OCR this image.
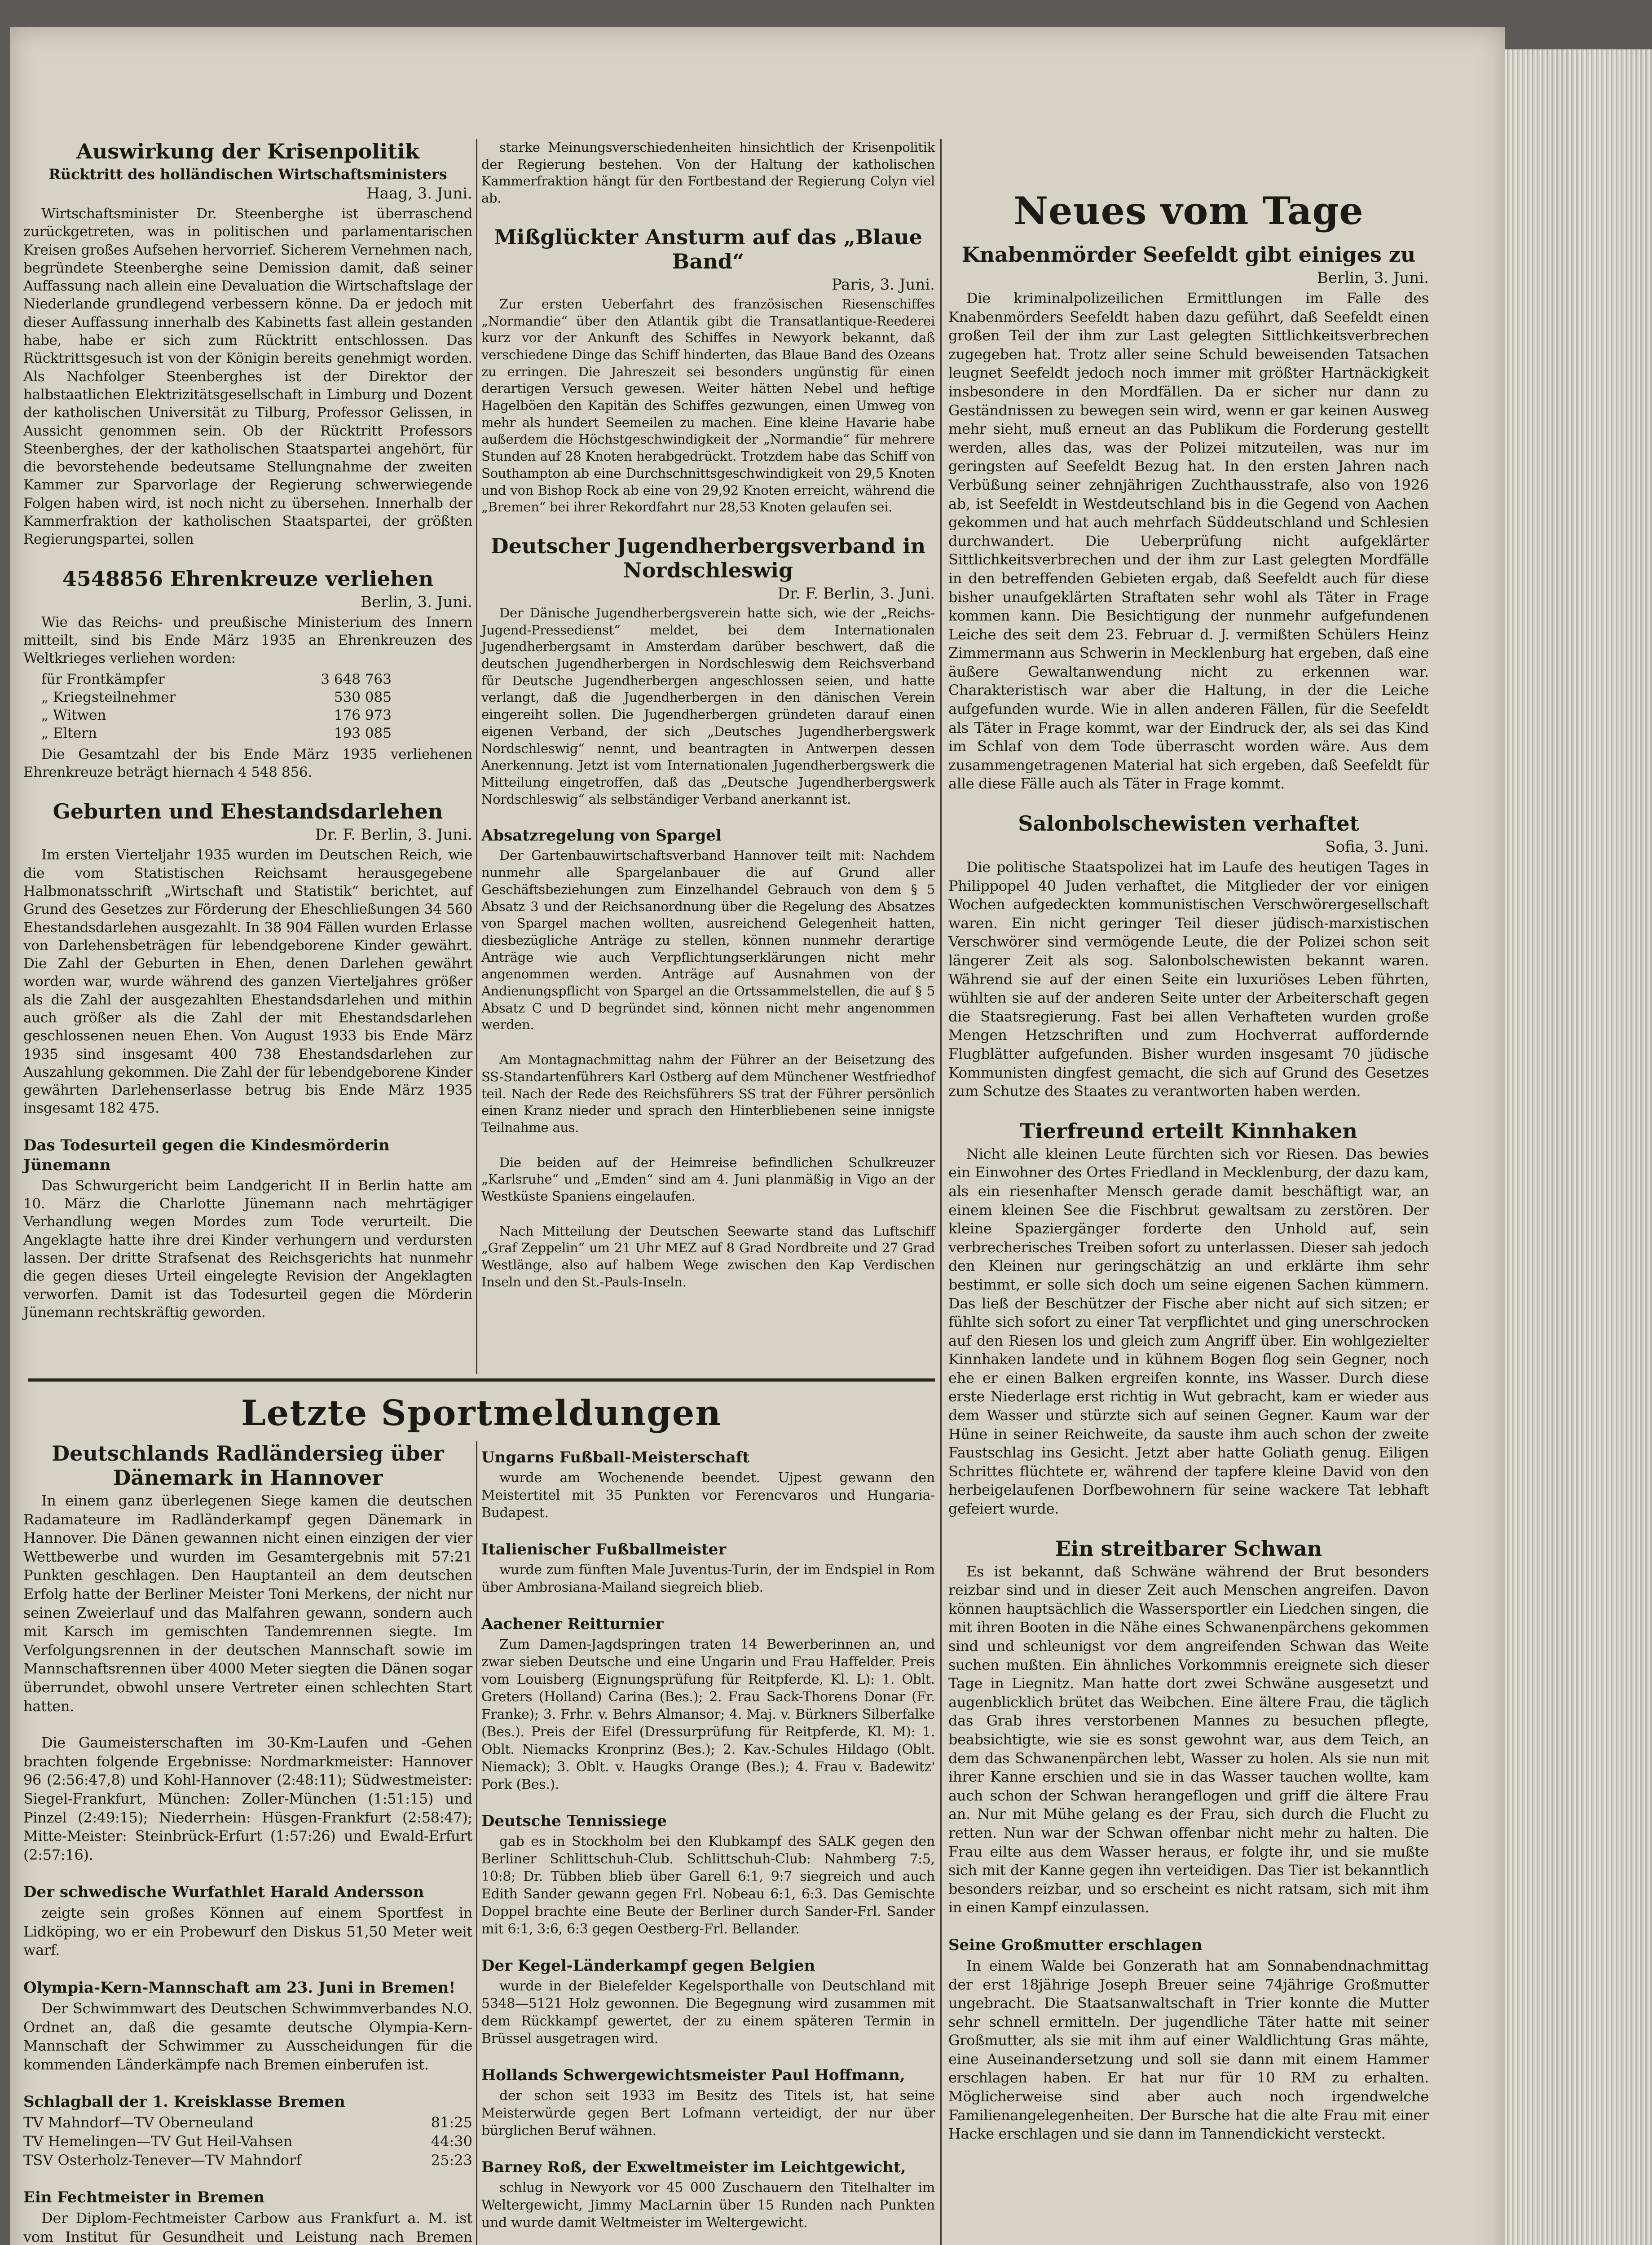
Auswirkung der Krisenpolitik
Rücktritt des holländischen Wirtschaftsministers
Haag, 3. Juni.

Wirtschaftsminister Dr. Steenberghe ist überraschend zurückgetreten, was in politischen und parlamentarischen Kreisen großes Aufsehen hervorrief. Sicherem Vernehmen nach, begründete Steenberghe seine Demission damit, daß seiner Auffassung nach allein eine Devaluation die Wirtschaftslage der Niederlande grundlegend verbessern könne. Da er jedoch mit dieser Auffassung innerhalb des Kabinetts fast allein gestanden habe, habe er sich zum Rücktritt entschlossen. Das Rücktrittsgesuch ist von der Königin bereits genehmigt worden. Als Nachfolger Steenberghes ist der Direktor der halbstaatlichen Elektrizitätsgesellschaft in Limburg und Dozent der katholischen Universität zu Tilburg, Professor Gelissen, in Aussicht genommen sein. Ob der Rücktritt Professors Steenberghes, der der katholischen Staatspartei angehört, für die bevorstehende bedeutsame Stellungnahme der zweiten Kammer zur Sparvorlage der Regierung schwerwiegende Folgen haben wird, ist noch nicht zu übersehen. Innerhalb der Kammerfraktion der katholischen Staatspartei, der größten Regierungspartei, sollen

4548856 Ehrenkreuze verliehen
Berlin, 3. Juni.

Wie das Reichs- und preußische Ministerium des Innern mitteilt, sind bis Ende März 1935 an Ehrenkreuzen des Weltkrieges verliehen worden:

für Frontkämpfer	3 648 763
„ Kriegsteilnehmer	530 085
„ Witwen	176 973
„ Eltern	193 085

Die Gesamtzahl der bis Ende März 1935 verliehenen Ehrenkreuze beträgt hiernach 4 548 856.

Geburten und Ehestandsdarlehen
Dr. F. Berlin, 3. Juni.

Im ersten Vierteljahr 1935 wurden im Deutschen Reich, wie die vom Statistischen Reichsamt herausgegebene Halbmonatsschrift „Wirtschaft und Statistik“ berichtet, auf Grund des Gesetzes zur Förderung der Eheschließungen 34 560 Ehestandsdarlehen ausgezahlt. In 38 904 Fällen wurden Erlasse von Darlehensbeträgen für lebendgeborene Kinder gewährt. Die Zahl der Geburten in Ehen, denen Darlehen gewährt worden war, wurde während des ganzen Vierteljahres größer als die Zahl der ausgezahlten Ehestandsdarlehen und mithin auch größer als die Zahl der mit Ehestandsdarlehen geschlossenen neuen Ehen. Von August 1933 bis Ende März 1935 sind insgesamt 400 738 Ehestandsdarlehen zur Auszahlung gekommen. Die Zahl der für lebendgeborene Kinder gewährten Darlehenserlasse betrug bis Ende März 1935 insgesamt 182 475.

Das Todesurteil gegen die Kindesmörderin Jünemann

Das Schwurgericht beim Landgericht II in Berlin hatte am 10. März die Charlotte Jünemann nach mehrtägiger Verhandlung wegen Mordes zum Tode verurteilt. Die Angeklagte hatte ihre drei Kinder verhungern und verdursten lassen. Der dritte Strafsenat des Reichsgerichts hat nunmehr die gegen dieses Urteil eingelegte Revision der Angeklagten verworfen. Damit ist das Todesurteil gegen die Mörderin Jünemann rechtskräftig geworden.

starke Meinungsverschiedenheiten hinsichtlich der Krisenpolitik der Regierung bestehen. Von der Haltung der katholischen Kammerfraktion hängt für den Fortbestand der Regierung Colyn viel ab.

Mißglückter Ansturm auf das „Blaue Band“
Paris, 3. Juni.

Zur ersten Ueberfahrt des französischen Riesenschiffes „Normandie“ über den Atlantik gibt die Transatlantique-Reederei kurz vor der Ankunft des Schiffes in Newyork bekannt, daß verschiedene Dinge das Schiff hinderten, das Blaue Band des Ozeans zu erringen. Die Jahreszeit sei besonders ungünstig für einen derartigen Versuch gewesen. Weiter hätten Nebel und heftige Hagelböen den Kapitän des Schiffes gezwungen, einen Umweg von mehr als hundert Seemeilen zu machen. Eine kleine Havarie habe außerdem die Höchstgeschwindigkeit der „Normandie“ für mehrere Stunden auf 28 Knoten herabgedrückt. Trotzdem habe das Schiff von Southampton ab eine Durchschnittsgeschwindigkeit von 29,5 Knoten und von Bishop Rock ab eine von 29,92 Knoten erreicht, während die „Bremen“ bei ihrer Rekordfahrt nur 28,53 Knoten gelaufen sei.

Deutscher Jugendherbergsverband in Nordschleswig
Dr. F. Berlin, 3. Juni.

Der Dänische Jugendherbergsverein hatte sich, wie der „Reichs-Jugend-Pressedienst“ meldet, bei dem Internationalen Jugendherbergsamt in Amsterdam darüber beschwert, daß die deutschen Jugendherbergen in Nordschleswig dem Reichsverband für Deutsche Jugendherbergen angeschlossen seien, und hatte verlangt, daß die Jugendherbergen in den dänischen Verein eingereiht sollen. Die Jugendherbergen gründeten darauf einen eigenen Verband, der sich „Deutsches Jugendherbergswerk Nordschleswig“ nennt, und beantragten in Antwerpen dessen Anerkennung. Jetzt ist vom Internationalen Jugendherbergswerk die Mitteilung eingetroffen, daß das „Deutsche Jugendherbergswerk Nordschleswig“ als selbständiger Verband anerkannt ist.

Absatzregelung von Spargel

Der Gartenbauwirtschaftsverband Hannover teilt mit: Nachdem nunmehr alle Spargelanbauer die auf Grund aller Geschäftsbeziehungen zum Einzelhandel Gebrauch von dem § 5 Absatz 3 und der Reichsanordnung über die Regelung des Absatzes von Spargel machen wollten, ausreichend Gelegenheit hatten, diesbezügliche Anträge zu stellen, können nunmehr derartige Anträge wie auch Verpflichtungserklärungen nicht mehr angenommen werden. Anträge auf Ausnahmen von der Andienungspflicht von Spargel an die Ortssammelstellen, die auf § 5 Absatz C und D begründet sind, können nicht mehr angenommen werden.

Am Montagnachmittag nahm der Führer an der Beisetzung des SS-Standartenführers Karl Ostberg auf dem Münchener Westfriedhof teil. Nach der Rede des Reichsführers SS trat der Führer persönlich einen Kranz nieder und sprach den Hinterbliebenen seine innigste Teilnahme aus.

Die beiden auf der Heimreise befindlichen Schulkreuzer „Karlsruhe“ und „Emden“ sind am 4. Juni planmäßig in Vigo an der Westküste Spaniens eingelaufen.

Nach Mitteilung der Deutschen Seewarte stand das Luftschiff „Graf Zeppelin“ um 21 Uhr MEZ auf 8 Grad Nordbreite und 27 Grad Westlänge, also auf halbem Wege zwischen den Kap Verdischen Inseln und den St.-Pauls-Inseln.

Neues vom Tage
Knabenmörder Seefeldt gibt einiges zu
Berlin, 3. Juni.

Die kriminalpolizeilichen Ermittlungen im Falle des Knabenmörders Seefeldt haben dazu geführt, daß Seefeldt einen großen Teil der ihm zur Last gelegten Sittlichkeitsverbrechen zugegeben hat. Trotz aller seine Schuld beweisenden Tatsachen leugnet Seefeldt jedoch noch immer mit größter Hartnäckigkeit insbesondere in den Mordfällen. Da er sicher nur dann zu Geständnissen zu bewegen sein wird, wenn er gar keinen Ausweg mehr sieht, muß erneut an das Publikum die Forderung gestellt werden, alles das, was der Polizei mitzuteilen, was nur im geringsten auf Seefeldt Bezug hat. In den ersten Jahren nach Verbüßung seiner zehnjährigen Zuchthausstrafe, also von 1926 ab, ist Seefeldt in Westdeutschland bis in die Gegend von Aachen gekommen und hat auch mehrfach Süddeutschland und Schlesien durchwandert. Die Ueberprüfung nicht aufgeklärter Sittlichkeitsverbrechen und der ihm zur Last gelegten Mordfälle in den betreffenden Gebieten ergab, daß Seefeldt auch für diese bisher unaufgeklärten Straftaten sehr wohl als Täter in Frage kommen kann. Die Besichtigung der nunmehr aufgefundenen Leiche des seit dem 23. Februar d. J. vermißten Schülers Heinz Zimmermann aus Schwerin in Mecklenburg hat ergeben, daß eine äußere Gewaltanwendung nicht zu erkennen war. Charakteristisch war aber die Haltung, in der die Leiche aufgefunden wurde. Wie in allen anderen Fällen, für die Seefeldt als Täter in Frage kommt, war der Eindruck der, als sei das Kind im Schlaf von dem Tode überrascht worden wäre. Aus dem zusammengetragenen Material hat sich ergeben, daß Seefeldt für alle diese Fälle auch als Täter in Frage kommt.

Salonbolschewisten verhaftet
Sofia, 3. Juni.

Die politische Staatspolizei hat im Laufe des heutigen Tages in Philippopel 40 Juden verhaftet, die Mitglieder der vor einigen Wochen aufgedeckten kommunistischen Verschwörergesellschaft waren. Ein nicht geringer Teil dieser jüdisch-marxistischen Verschwörer sind vermögende Leute, die der Polizei schon seit längerer Zeit als sog. Salonbolschewisten bekannt waren. Während sie auf der einen Seite ein luxuriöses Leben führten, wühlten sie auf der anderen Seite unter der Arbeiterschaft gegen die Staatsregierung. Fast bei allen Verhafteten wurden große Mengen Hetzschriften und zum Hochverrat auffordernde Flugblätter aufgefunden. Bisher wurden insgesamt 70 jüdische Kommunisten dingfest gemacht, die sich auf Grund des Gesetzes zum Schutze des Staates zu verantworten haben werden.

Tierfreund erteilt Kinnhaken

Nicht alle kleinen Leute fürchten sich vor Riesen. Das bewies ein Einwohner des Ortes Friedland in Mecklenburg, der dazu kam, als ein riesenhafter Mensch gerade damit beschäftigt war, an einem kleinen See die Fischbrut gewaltsam zu zerstören. Der kleine Spaziergänger forderte den Unhold auf, sein verbrecherisches Treiben sofort zu unterlassen. Dieser sah jedoch den Kleinen nur geringschätzig an und erklärte ihm sehr bestimmt, er solle sich doch um seine eigenen Sachen kümmern. Das ließ der Beschützer der Fische aber nicht auf sich sitzen; er fühlte sich sofort zu einer Tat verpflichtet und ging unerschrocken auf den Riesen los und gleich zum Angriff über. Ein wohlgezielter Kinnhaken landete und in kühnem Bogen flog sein Gegner, noch ehe er einen Balken ergreifen konnte, ins Wasser. Durch diese erste Niederlage erst richtig in Wut gebracht, kam er wieder aus dem Wasser und stürzte sich auf seinen Gegner. Kaum war der Hüne in seiner Reichweite, da sauste ihm auch schon der zweite Faustschlag ins Gesicht. Jetzt aber hatte Goliath genug. Eiligen Schrittes flüchtete er, während der tapfere kleine David von den herbeigelaufenen Dorfbewohnern für seine wackere Tat lebhaft gefeiert wurde.

Ein streitbarer Schwan

Es ist bekannt, daß Schwäne während der Brut besonders reizbar sind und in dieser Zeit auch Menschen angreifen. Davon können hauptsächlich die Wassersportler ein Liedchen singen, die mit ihren Booten in die Nähe eines Schwanenpärchens gekommen sind und schleunigst vor dem angreifenden Schwan das Weite suchen mußten. Ein ähnliches Vorkommnis ereignete sich dieser Tage in Liegnitz. Man hatte dort zwei Schwäne ausgesetzt und augenblicklich brütet das Weibchen. Eine ältere Frau, die täglich das Grab ihres verstorbenen Mannes zu besuchen pflegte, beabsichtigte, wie sie es sonst gewohnt war, aus dem Teich, an dem das Schwanenpärchen lebt, Wasser zu holen. Als sie nun mit ihrer Kanne erschien und sie in das Wasser tauchen wollte, kam auch schon der Schwan herangeflogen und griff die ältere Frau an. Nur mit Mühe gelang es der Frau, sich durch die Flucht zu retten. Nun war der Schwan offenbar nicht mehr zu halten. Die Frau eilte aus dem Wasser heraus, er folgte ihr, und sie mußte sich mit der Kanne gegen ihn verteidigen. Das Tier ist bekanntlich besonders reizbar, und so erscheint es nicht ratsam, sich mit ihm in einen Kampf einzulassen.

Seine Großmutter erschlagen

In einem Walde bei Gonzerath hat am Sonnabendnachmittag der erst 18jährige Joseph Breuer seine 74jährige Großmutter ungebracht. Die Staatsanwaltschaft in Trier konnte die Mutter sehr schnell ermitteln. Der jugendliche Täter hatte mit seiner Großmutter, als sie mit ihm auf einer Waldlichtung Gras mähte, eine Auseinandersetzung und soll sie dann mit einem Hammer erschlagen haben. Er hat nur für 10 RM zu erhalten. Möglicherweise sind aber auch noch irgendwelche Familienangelegenheiten. Der Bursche hat die alte Frau mit einer Hacke erschlagen und sie dann im Tannendickicht versteckt.

Letzte Sportmeldungen
Deutschlands Radländersieg über Dänemark in Hannover

In einem ganz überlegenen Siege kamen die deutschen Radamateure im Radländerkampf gegen Dänemark in Hannover. Die Dänen gewannen nicht einen einzigen der vier Wettbewerbe und wurden im Gesamtergebnis mit 57:21 Punkten geschlagen. Den Hauptanteil an dem deutschen Erfolg hatte der Berliner Meister Toni Merkens, der nicht nur seinen Zweierlauf und das Malfahren gewann, sondern auch mit Karsch im gemischten Tandemrennen siegte. Im Verfolgungsrennen in der deutschen Mannschaft sowie im Mannschaftsrennen über 4000 Meter siegten die Dänen sogar überrundet, obwohl unsere Vertreter einen schlechten Start hatten.

Die Gaumeisterschaften im 30-Km-Laufen und -Gehen brachten folgende Ergebnisse: Nordmarkmeister: Hannover 96 (2:56:47,8) und Kohl-Hannover (2:48:11); Südwestmeister: Siegel-Frankfurt, München: Zoller-München (1:51:15) und Pinzel (2:49:15); Niederrhein: Hüsgen-Frankfurt (2:58:47); Mitte-Meister: Steinbrück-Erfurt (1:57:26) und Ewald-Erfurt (2:57:16).

Der schwedische Wurfathlet Harald Andersson

zeigte sein großes Können auf einem Sportfest in Lidköping, wo er ein Probewurf den Diskus 51,50 Meter weit warf.

Olympia-Kern-Mannschaft am 23. Juni in Bremen!

Der Schwimmwart des Deutschen Schwimmverbandes N.O. Ordnet an, daß die gesamte deutsche Olympia-Kern-Mannschaft der Schwimmer zu Ausscheidungen für die kommenden Länderkämpfe nach Bremen einberufen ist.

Schlagball der 1. Kreisklasse Bremen
TV Mahndorf—TV Oberneuland	81:25
TV Hemelingen—TV Gut Heil-Vahsen	44:30
TSV Osterholz-Tenever—TV Mahndorf	25:23
Ein Fechtmeister in Bremen

Der Diplom-Fechtmeister Carbow aus Frankfurt a. M. ist vom Institut für Gesundheit und Leistung nach Bremen

Ungarns Fußball-Meisterschaft

wurde am Wochenende beendet. Ujpest gewann den Meistertitel mit 35 Punkten vor Ferencvaros und Hungaria-Budapest.

Italienischer Fußballmeister

wurde zum fünften Male Juventus-Turin, der im Endspiel in Rom über Ambrosiana-Mailand siegreich blieb.

Aachener Reitturnier

Zum Damen-Jagdspringen traten 14 Bewerberinnen an, und zwar sieben Deutsche und eine Ungarin und Frau Haffelder. Preis vom Louisberg (Eignungsprüfung für Reitpferde, Kl. L): 1. Oblt. Greters (Holland) Carina (Bes.); 2. Frau Sack-Thorens Donar (Fr. Franke); 3. Frhr. v. Behrs Almansor; 4. Maj. v. Bürkners Silberfalke (Bes.). Preis der Eifel (Dressurprüfung für Reitpferde, Kl. M): 1. Oblt. Niemacks Kronprinz (Bes.); 2. Kav.-Schules Hildago (Oblt. Niemack); 3. Oblt. v. Haugks Orange (Bes.); 4. Frau v. Badewitz' Pork (Bes.).

Deutsche Tennissiege

gab es in Stockholm bei den Klubkampf des SALK gegen den Berliner Schlittschuh-Club. Schlittschuh-Club: Nahmberg 7:5, 10:8; Dr. Tübben blieb über Garell 6:1, 9:7 siegreich und auch Edith Sander gewann gegen Frl. Nobeau 6:1, 6:3. Das Gemischte Doppel brachte eine Beute der Berliner durch Sander-Frl. Sander mit 6:1, 3:6, 6:3 gegen Oestberg-Frl. Bellander.

Der Kegel-Länderkampf gegen Belgien

wurde in der Bielefelder Kegelsporthalle von Deutschland mit 5348—5121 Holz gewonnen. Die Begegnung wird zusammen mit dem Rückkampf gewertet, der zu einem späteren Termin in Brüssel ausgetragen wird.

Hollands Schwergewichtsmeister Paul Hoffmann,

der schon seit 1933 im Besitz des Titels ist, hat seine Meisterwürde gegen Bert Lofmann verteidigt, der nur über bürglichen Beruf wähnen.

Barney Roß, der Exweltmeister im Leichtgewicht,

schlug in Newyork vor 45 000 Zuschauern den Titelhalter im Weltergewicht, Jimmy MacLarnin über 15 Runden nach Punkten und wurde damit Weltmeister im Weltergewicht.
